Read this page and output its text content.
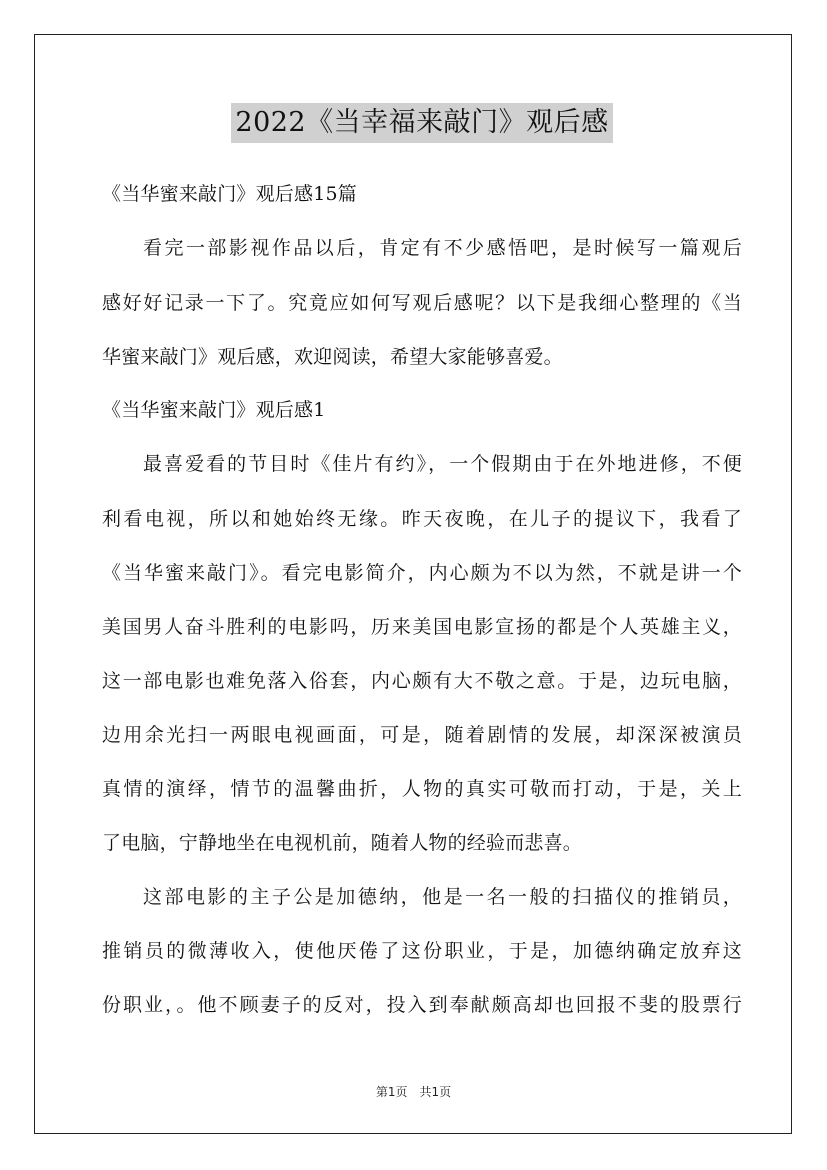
2022《当幸福来敲门》观后感
《当华蜜来敲门》观后感15篇
看完一部影视作品以后，肯定有不少感悟吧，是时候写一篇观后
感好好记录一下了。究竟应如何写观后感呢？以下是我细心整理的《当
华蜜来敲门》观后感，欢迎阅读，希望大家能够喜爱。
《当华蜜来敲门》观后感1
最喜爱看的节目时《佳片有约》，一个假期由于在外地进修，不便
利看电视，所以和她始终无缘。昨天夜晚，在儿子的提议下，我看了
《当华蜜来敲门》。看完电影简介，内心颇为不以为然，不就是讲一个
美国男人奋斗胜利的电影吗，历来美国电影宣扬的都是个人英雄主义，
这一部电影也难免落入俗套，内心颇有大不敬之意。于是，边玩电脑，
边用余光扫一两眼电视画面，可是，随着剧情的发展，却深深被演员
真情的演绎，情节的温馨曲折，人物的真实可敬而打动，于是，关上
了电脑，宁静地坐在电视机前，随着人物的经验而悲喜。
这部电影的主子公是加德纳，他是一名一般的扫描仪的推销员，
推销员的微薄收入，使他厌倦了这份职业，于是，加德纳确定放弃这
份职业，。他不顾妻子的反对，投入到奉献颇高却也回报不斐的股票行
第1页　共1页
